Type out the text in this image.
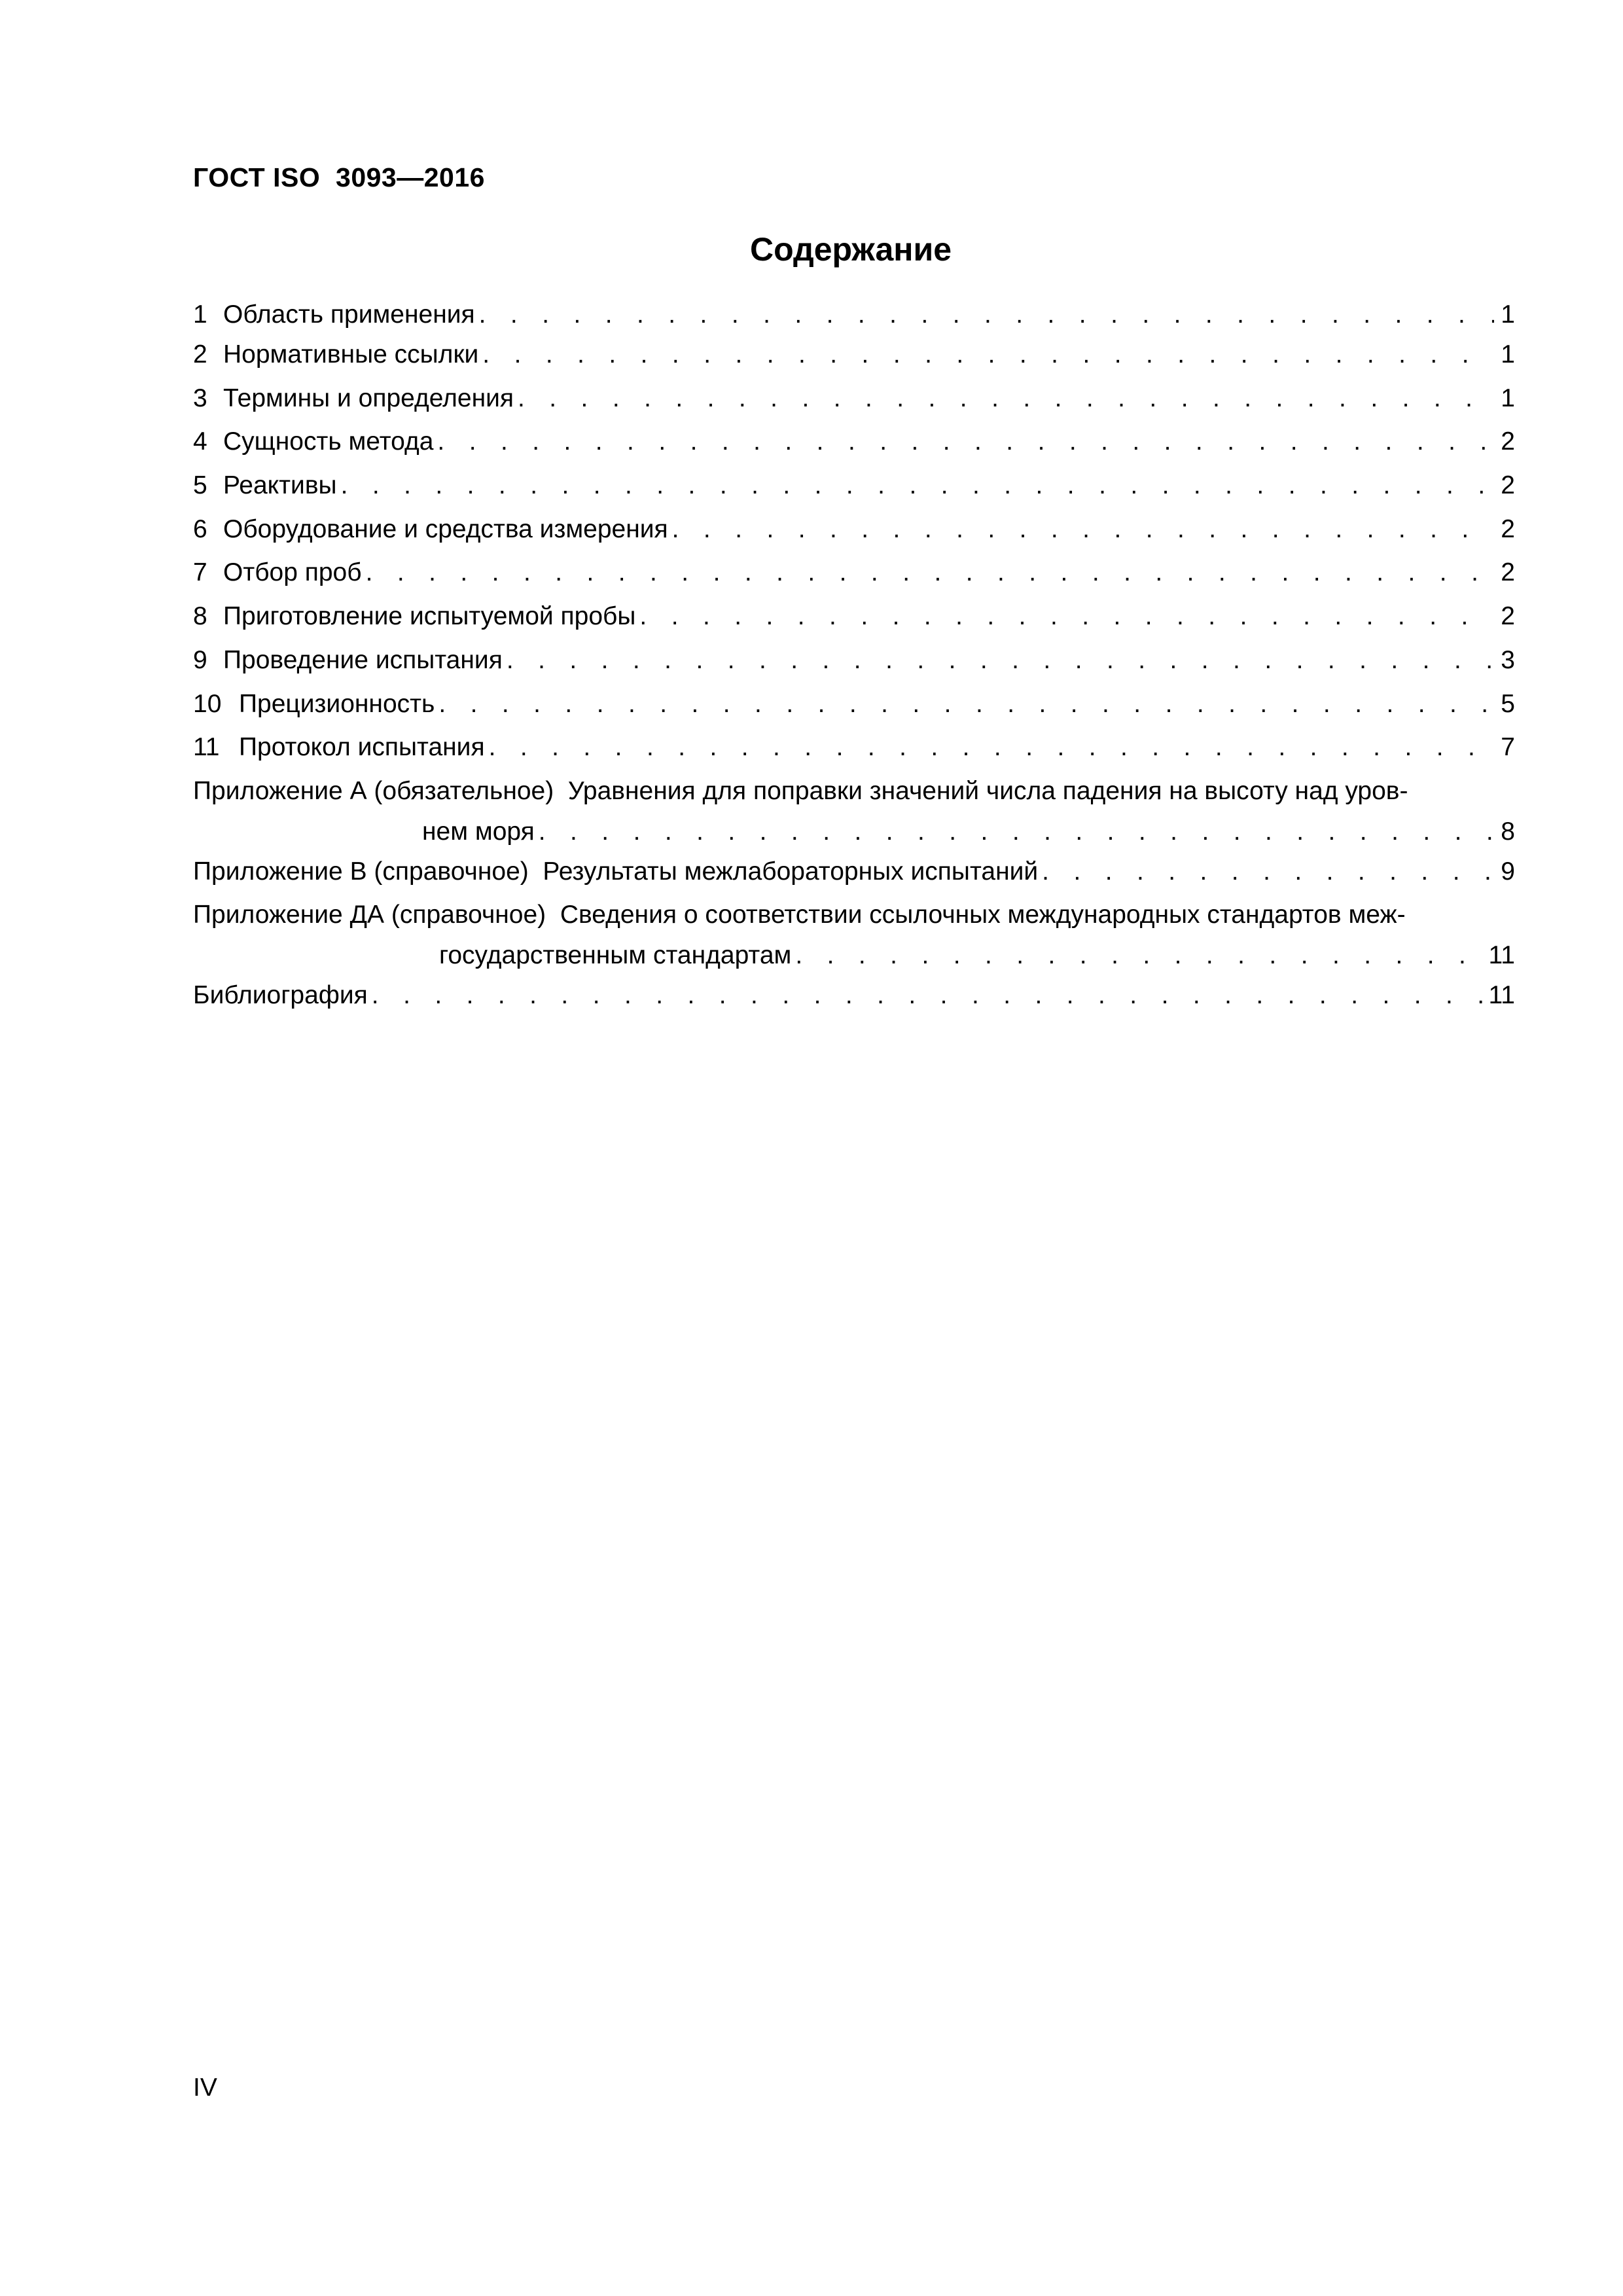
ГОСТ ISO  3093—2016
Содержание
1 Область применения . . .	1
2 Нормативные ссылки . . .	1
3 Термины и определения . . .	1
4 Сущность метода . . .	2
5 Реактивы . . .	2
6 Оборудование и средства измерения . . .	2
7 Отбор проб . . .	2
8 Приготовление испытуемой пробы . . .	2
9 Проведение испытания . . .	3
10 Прецизионность . . .	5
11 Протокол испытания . . .	7
Приложение А (обязательное)  Уравнения для поправки значений числа падения на высоту над уров-
нем моря . . .	8
Приложение В (справочное)  Результаты межлабораторных испытаний . . .	9
Приложение ДА (справочное)  Сведения о соответствии ссылочных международных стандартов меж-
государственным стандартам . . .	11
Библиография . . .	11
IV
